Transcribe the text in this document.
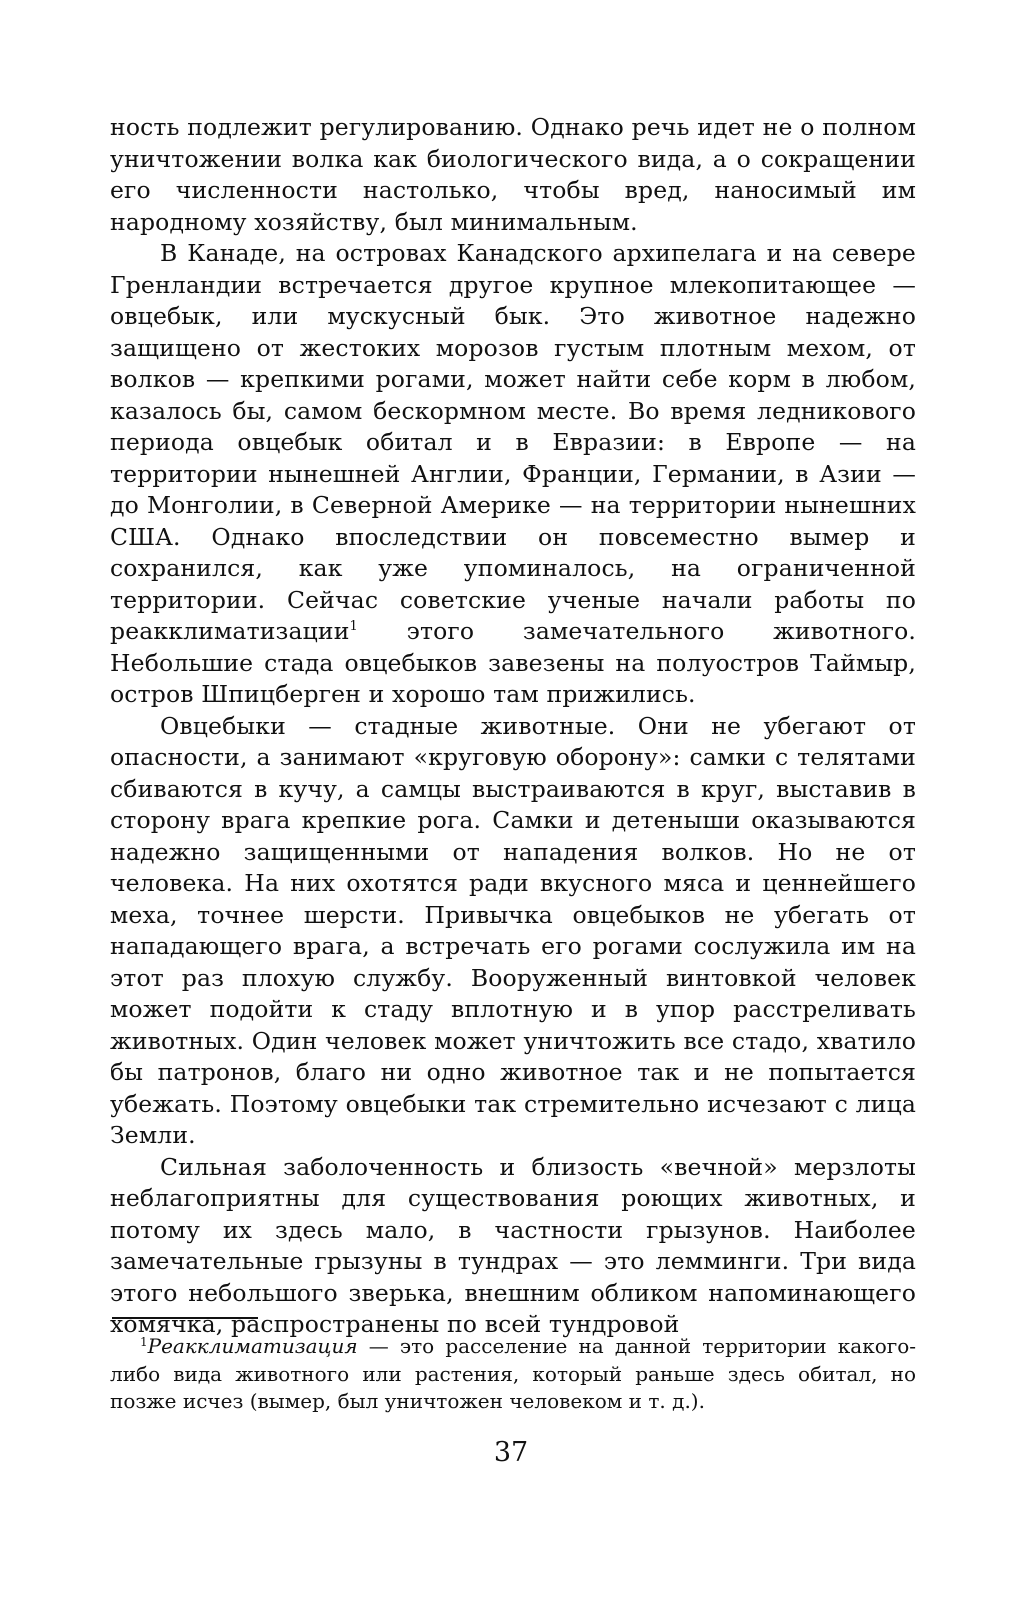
ность подлежит регулированию. Однако речь идет не о полном уничтожении волка как биологического вида, а о сокращении его численности настолько, чтобы вред, наносимый им народному хозяйству, был минимальным.

В Канаде, на островах Канадского архипелага и на севере Гренландии встречается другое крупное млекопитающее — овцебык, или мускусный бык. Это животное надежно защищено от жестоких морозов густым плотным мехом, от волков — крепкими рогами, может найти себе корм в любом, казалось бы, самом бескормном месте. Во время ледникового периода овцебык обитал и в Евразии: в Европе — на территории нынешней Англии, Франции, Германии, в Азии — до Монголии, в Северной Америке — на территории нынешних США. Однако впоследствии он повсеместно вымер и сохранился, как уже упоминалось, на ограниченной территории. Сейчас советские ученые начали работы по реакклиматизации$^1$ этого замечательного животного. Небольшие стада овцебыков завезены на полуостров Таймыр, остров Шпицберген и хорошо там прижились.

Овцебыки — стадные животные. Они не убегают от опасности, а занимают «круговую оборону»: самки с телятами сбиваются в кучу, а самцы выстраиваются в круг, выставив в сторону врага крепкие рога. Самки и детеныши оказываются надежно защищенными от нападения волков. Но не от человека. На них охотятся ради вкусного мяса и ценнейшего меха, точнее шерсти. Привычка овцебыков не убегать от нападающего врага, а встречать его рогами сослужила им на этот раз плохую службу. Вооруженный винтовкой человек может подойти к стаду вплотную и в упор расстреливать животных. Один человек может уничтожить все стадо, хватило бы патронов, благо ни одно животное так и не попытается убежать. Поэтому овцебыки так стремительно исчезают с лица Земли.

Сильная заболоченность и близость «вечной» мерзлоты неблагоприятны для существования роющих животных, и потому их здесь мало, в частности грызунов. Наиболее замечательные грызуны в тундрах — это лемминги. Три вида этого небольшого зверька, внешним обликом напоминающего хомячка, распространены по всей тундровой

$^1$Реакклиматизация — это расселение на данной территории какого-либо вида животного или растения, который раньше здесь обитал, но позже исчез (вымер, был уничтожен человеком и т. д.).

37
